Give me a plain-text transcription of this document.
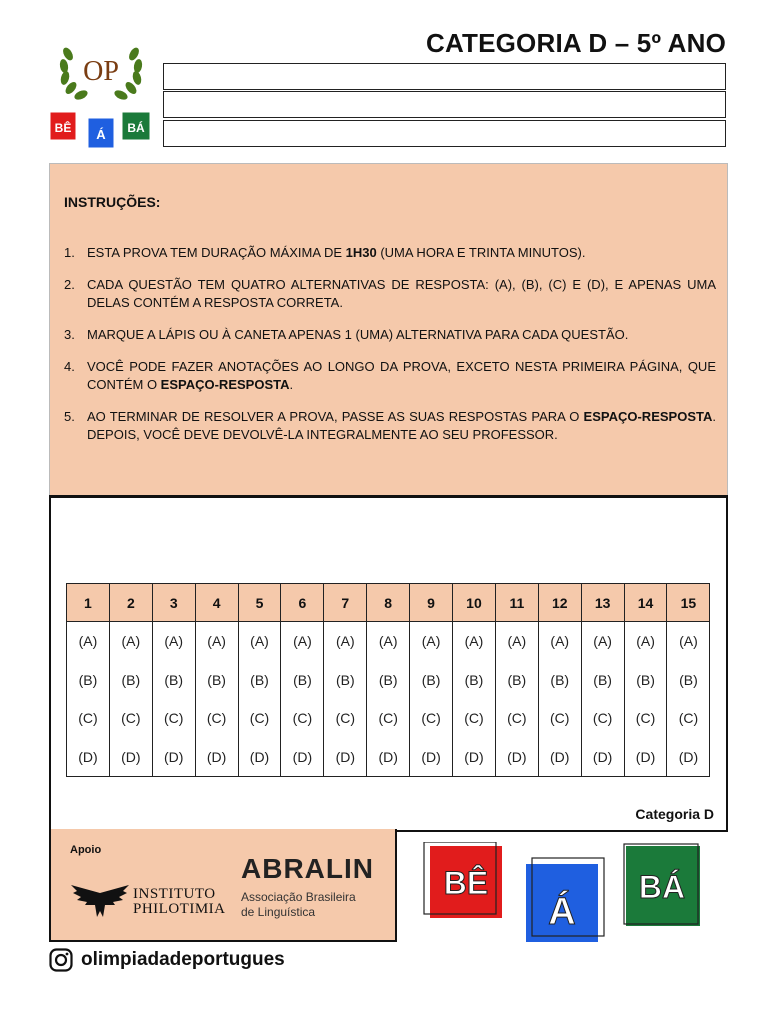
OP
BÊ Á BÁ
CATEGORIA D – 5º ANO
INSTRUÇÕES:
1. ESTA PROVA TEM DURAÇÃO MÁXIMA DE 1H30 (UMA HORA E TRINTA MINUTOS).
2. CADA QUESTÃO TEM QUATRO ALTERNATIVAS DE RESPOSTA: (A), (B), (C) E (D), E APENAS UMA DELAS CONTÉM A RESPOSTA CORRETA.
3. MARQUE A LÁPIS OU À CANETA APENAS 1 (UMA) ALTERNATIVA PARA CADA QUESTÃO.
4. VOCÊ PODE FAZER ANOTAÇÕES AO LONGO DA PROVA, EXCETO NESTA PRIMEIRA PÁGINA, QUE CONTÉM O ESPAÇO-RESPOSTA.
5. AO TERMINAR DE RESOLVER A PROVA, PASSE AS SUAS RESPOSTAS PARA O ESPAÇO-RESPOSTA. DEPOIS, VOCÊ DEVE DEVOLVÊ-LA INTEGRALMENTE AO SEU PROFESSOR.
1	2	3	4	5	6	7	8	9	10	11	12	13	14	15
(A)	(A)	(A)	(A)	(A)	(A)	(A)	(A)	(A)	(A)	(A)	(A)	(A)	(A)	(A)
(B)	(B)	(B)	(B)	(B)	(B)	(B)	(B)	(B)	(B)	(B)	(B)	(B)	(B)	(B)
(C)	(C)	(C)	(C)	(C)	(C)	(C)	(C)	(C)	(C)	(C)	(C)	(C)	(C)	(C)
(D)	(D)	(D)	(D)	(D)	(D)	(D)	(D)	(D)	(D)	(D)	(D)	(D)	(D)	(D)
Categoria D
Apoio
INSTITUTO
PHILOTIMIA
ABRALIN
Associação Brasileira
de Linguística
BÊ
Á
BÁ
olimpiadadeportugues
